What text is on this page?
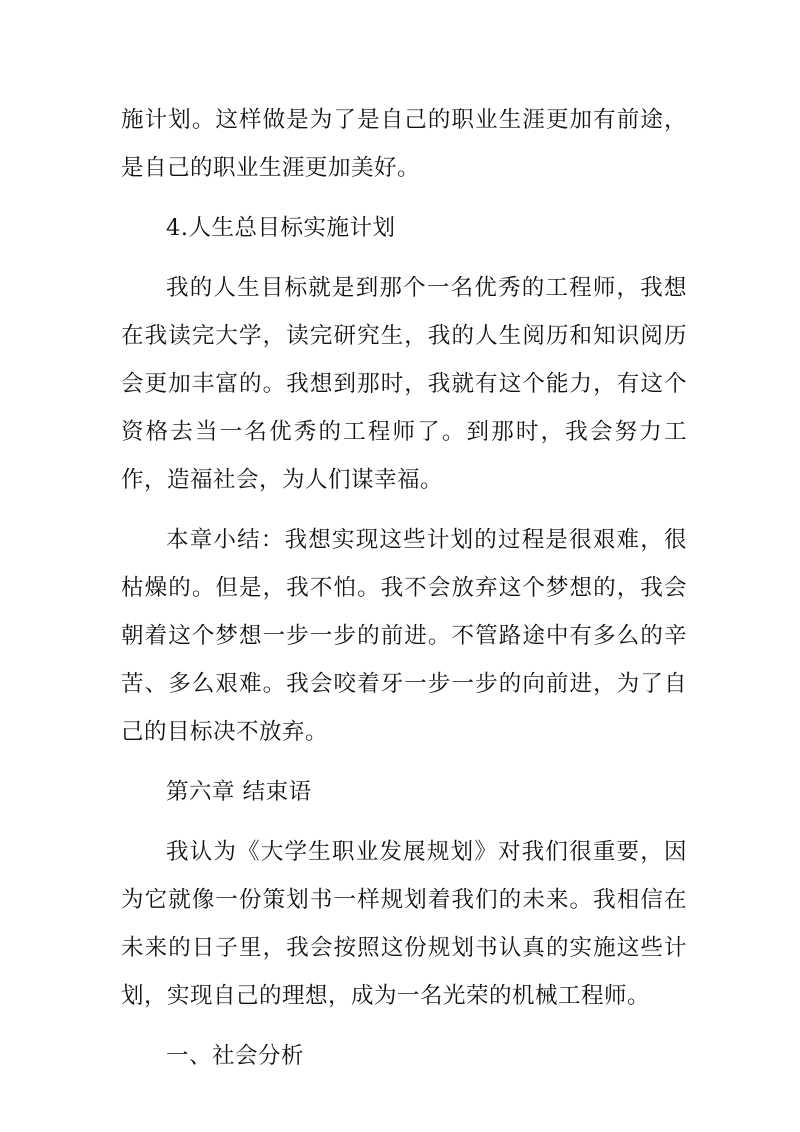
施计划。这样做是为了是自己的职业生涯更加有前途，是自己的职业生涯更加美好。

4.人生总目标实施计划

我的人生目标就是到那个一名优秀的工程师，我想在我读完大学，读完研究生，我的人生阅历和知识阅历会更加丰富的。我想到那时，我就有这个能力，有这个资格去当一名优秀的工程师了。到那时，我会努力工作，造福社会，为人们谋幸福。

本章小结：我想实现这些计划的过程是很艰难，很枯燥的。但是，我不怕。我不会放弃这个梦想的，我会朝着这个梦想一步一步的前进。不管路途中有多么的辛苦、多么艰难。我会咬着牙一步一步的向前进，为了自己的目标决不放弃。

第六章 结束语

我认为《大学生职业发展规划》对我们很重要，因为它就像一份策划书一样规划着我们的未来。我相信在未来的日子里，我会按照这份规划书认真的实施这些计划，实现自己的理想，成为一名光荣的机械工程师。

一、社会分析
